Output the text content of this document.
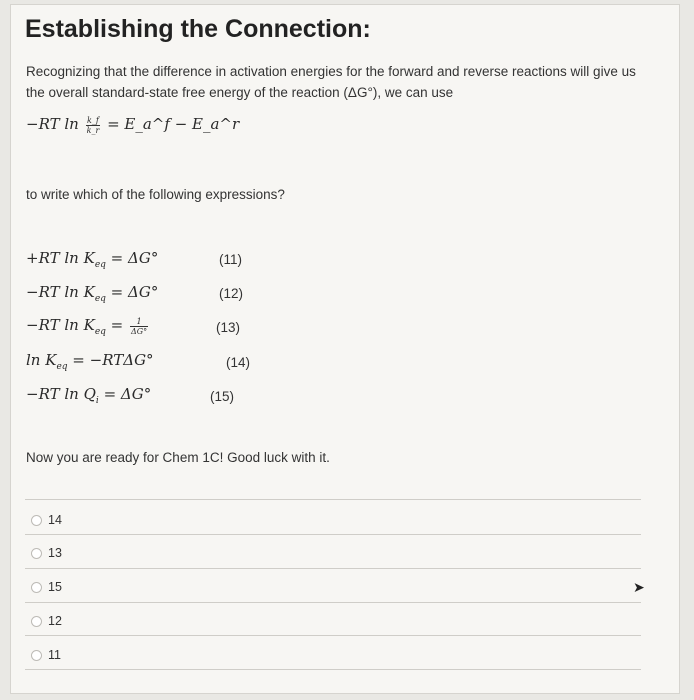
Establishing the Connection:
Recognizing that the difference in activation energies for the forward and reverse reactions will give us the overall standard-state free energy of the reaction (ΔG°), we can use
−RT $\ln \frac{k\_f}{k\_r}$ = E_a^f − E_a^r
to write which of the following expressions?
+RT $\ln K_{eq} = \Delta G^\circ$	(11)
−RT $\ln K_{eq} = \Delta G^\circ$	(12)
−RT $\ln K_{eq} = \frac{1}{\Delta G^\circ}$	(13)
$\ln K_{eq} = -RT\Delta G^\circ$	(14)
−RT $\ln Q_i = \Delta G^\circ$	(15)
Now you are ready for Chem 1C! Good luck with it.
14
13
15
12
11
➤
